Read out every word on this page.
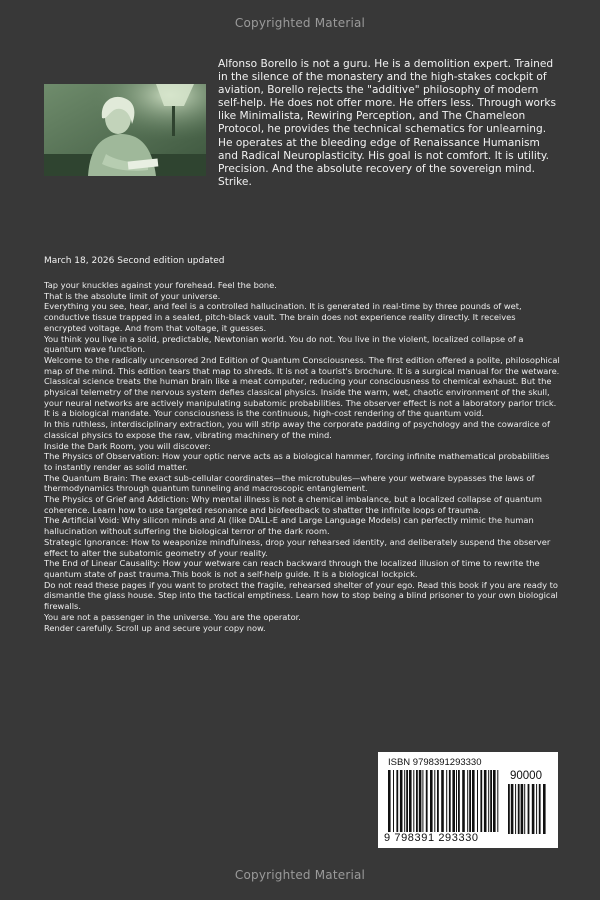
Copyrighted Material
Alfonso Borello is not a guru. He is a demolition expert. Trained in the silence of the monastery and the high-stakes cockpit of aviation, Borello rejects the "additive" philosophy of modern self-help. He does not offer more. He offers less. Through works like Minimalista, Rewiring Perception, and The Chameleon Protocol, he provides the technical schematics for unlearning. He operates at the bleeding edge of Renaissance Humanism and Radical Neuroplasticity. His goal is not comfort. It is utility. Precision. And the absolute recovery of the sovereign mind. Strike.
March 18, 2026 Second edition updated

Tap your knuckles against your forehead. Feel the bone.

That is the absolute limit of your universe.

Everything you see, hear, and feel is a controlled hallucination. It is generated in real-time by three pounds of wet, conductive tissue trapped in a sealed, pitch-black vault. The brain does not experience reality directly. It receives encrypted voltage. And from that voltage, it guesses.

You think you live in a solid, predictable, Newtonian world. You do not. You live in the violent, localized collapse of a quantum wave function.

Welcome to the radically uncensored 2nd Edition of Quantum Consciousness. The first edition offered a polite, philosophical map of the mind. This edition tears that map to shreds. It is not a tourist's brochure. It is a surgical manual for the wetware.

Classical science treats the human brain like a meat computer, reducing your consciousness to chemical exhaust. But the physical telemetry of the nervous system defies classical physics. Inside the warm, wet, chaotic environment of the skull, your neural networks are actively manipulating subatomic probabilities. The observer effect is not a laboratory parlor trick. It is a biological mandate. Your consciousness is the continuous, high-cost rendering of the quantum void.

In this ruthless, interdisciplinary extraction, you will strip away the corporate padding of psychology and the cowardice of classical physics to expose the raw, vibrating machinery of the mind.

Inside the Dark Room, you will discover:

The Physics of Observation: How your optic nerve acts as a biological hammer, forcing infinite mathematical probabilities to instantly render as solid matter.

The Quantum Brain: The exact sub-cellular coordinates—the microtubules—where your wetware bypasses the laws of thermodynamics through quantum tunneling and macroscopic entanglement.

The Physics of Grief and Addiction: Why mental illness is not a chemical imbalance, but a localized collapse of quantum coherence. Learn how to use targeted resonance and biofeedback to shatter the infinite loops of trauma.

The Artificial Void: Why silicon minds and AI (like DALL-E and Large Language Models) can perfectly mimic the human hallucination without suffering the biological terror of the dark room.

Strategic Ignorance: How to weaponize mindfulness, drop your rehearsed identity, and deliberately suspend the observer effect to alter the subatomic geometry of your reality.

The End of Linear Causality: How your wetware can reach backward through the localized illusion of time to rewrite the quantum state of past trauma.This book is not a self-help guide. It is a biological lockpick.

Do not read these pages if you want to protect the fragile, rehearsed shelter of your ego. Read this book if you are ready to dismantle the glass house. Step into the tactical emptiness. Learn how to stop being a blind prisoner to your own biological firewalls.

You are not a passenger in the universe. You are the operator.

Render carefully. Scroll up and secure your copy now.

ISBN 9798391293330
90000
9 798391 293330
Copyrighted Material
